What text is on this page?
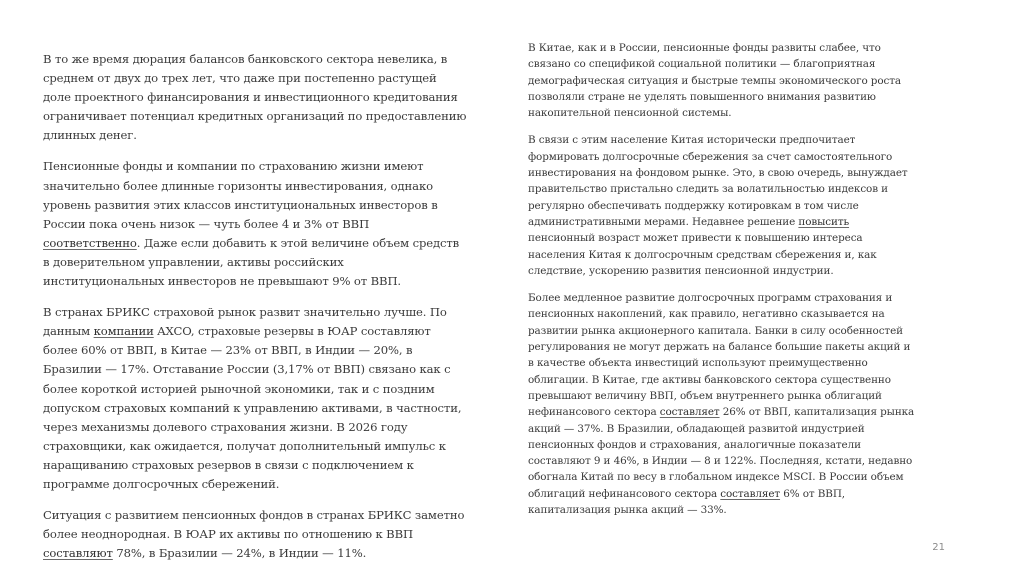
В то же время дюрация балансов банковского сектора невелика, в среднем от двух до трех лет, что даже при постепенно растущей доле проектного финансирования и инвестиционного кредитования ограничивает потенциал кредитных организаций по предоставлению длинных денег.

Пенсионные фонды и компании по страхованию жизни имеют значительно более длинные горизонты инвестирования, однако уровень развития этих классов институциональных инвесторов в России пока очень низок — чуть более 4 и 3% от ВВП соответственно. Даже если добавить к этой величине объем средств в доверительном управлении, активы российских институциональных инвесторов не превышают 9% от ВВП.

В странах БРИКС страховой рынок развит значительно лучше. По данным компании AXCO, страховые резервы в ЮАР составляют более 60% от ВВП, в Китае — 23% от ВВП, в Индии — 20%, в Бразилии — 17%. Отставание России (3,17% от ВВП) связано как с более короткой историей рыночной экономики, так и с поздним допуском страховых компаний к управлению активами, в частности, через механизмы долевого страхования жизни. В 2026 году страховщики, как ожидается, получат дополнительный импульс к наращиванию страховых резервов в связи с подключением к программе долгосрочных сбережений.

Ситуация с развитием пенсионных фондов в странах БРИКС заметно более неоднородная. В ЮАР их активы по отношению к ВВП составляют 78%, в Бразилии — 24%, в Индии — 11%.

В Китае, как и в России, пенсионные фонды развиты слабее, что связано со спецификой социальной политики — благоприятная демографическая ситуация и быстрые темпы экономического роста позволяли стране не уделять повышенного внимания развитию накопительной пенсионной системы.

В связи с этим население Китая исторически предпочитает формировать долгосрочные сбережения за счет самостоятельного инвестирования на фондовом рынке. Это, в свою очередь, вынуждает правительство пристально следить за волатильностью индексов и регулярно обеспечивать поддержку котировкам в том числе административными мерами. Недавнее решение повысить пенсионный возраст может привести к повышению интереса населения Китая к долгосрочным средствам сбережения и, как следствие, ускорению развития пенсионной индустрии.

Более медленное развитие долгосрочных программ страхования и пенсионных накоплений, как правило, негативно сказывается на развитии рынка акционерного капитала. Банки в силу особенностей регулирования не могут держать на балансе большие пакеты акций и в качестве объекта инвестиций используют преимущественно облигации. В Китае, где активы банковского сектора существенно превышают величину ВВП, объем внутреннего рынка облигаций нефинансового сектора составляет 26% от ВВП, капитализация рынка акций — 37%. В Бразилии, обладающей развитой индустрией пенсионных фондов и страхования, аналогичные показатели составляют 9 и 46%, в Индии — 8 и 122%. Последняя, кстати, недавно обогнала Китай по весу в глобальном индексе MSCI. В России объем облигаций нефинансового сектора составляет 6% от ВВП, капитализация рынка акций — 33%.

21
